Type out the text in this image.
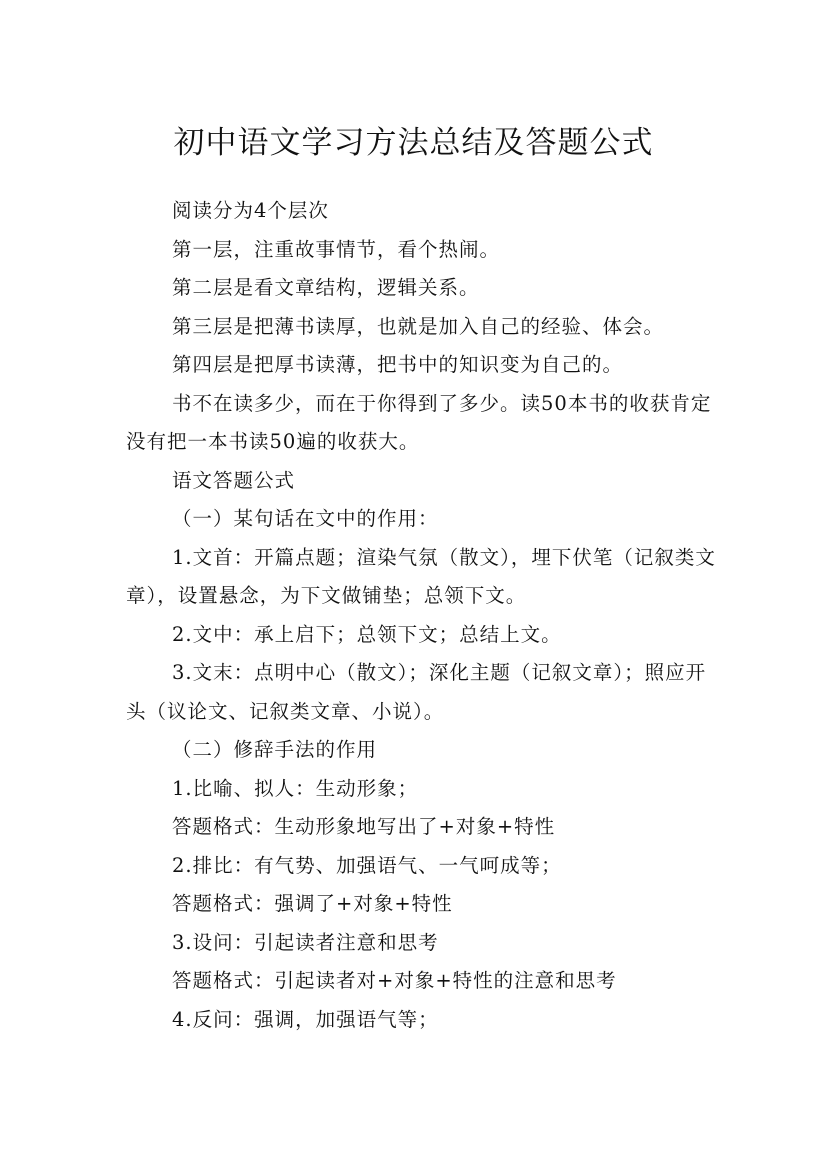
初中语文学习方法总结及答题公式

阅读分为4个层次

第一层，注重故事情节，看个热闹。

第二层是看文章结构，逻辑关系。

第三层是把薄书读厚，也就是加入自己的经验、体会。

第四层是把厚书读薄，把书中的知识变为自己的。

书不在读多少，而在于你得到了多少。读50本书的收获肯定没有把一本书读50遍的收获大。

语文答题公式

（一）某句话在文中的作用：

1.文首：开篇点题；渲染气氛（散文），埋下伏笔（记叙类文章），设置悬念，为下文做铺垫；总领下文。

2.文中：承上启下；总领下文；总结上文。

3.文末：点明中心（散文）；深化主题（记叙文章）；照应开头（议论文、记叙类文章、小说）。

（二）修辞手法的作用

1.比喻、拟人：生动形象；

答题格式：生动形象地写出了+对象+特性

2.排比：有气势、加强语气、一气呵成等；

答题格式：强调了+对象+特性

3.设问：引起读者注意和思考

答题格式：引起读者对+对象+特性的注意和思考

4.反问：强调，加强语气等；
